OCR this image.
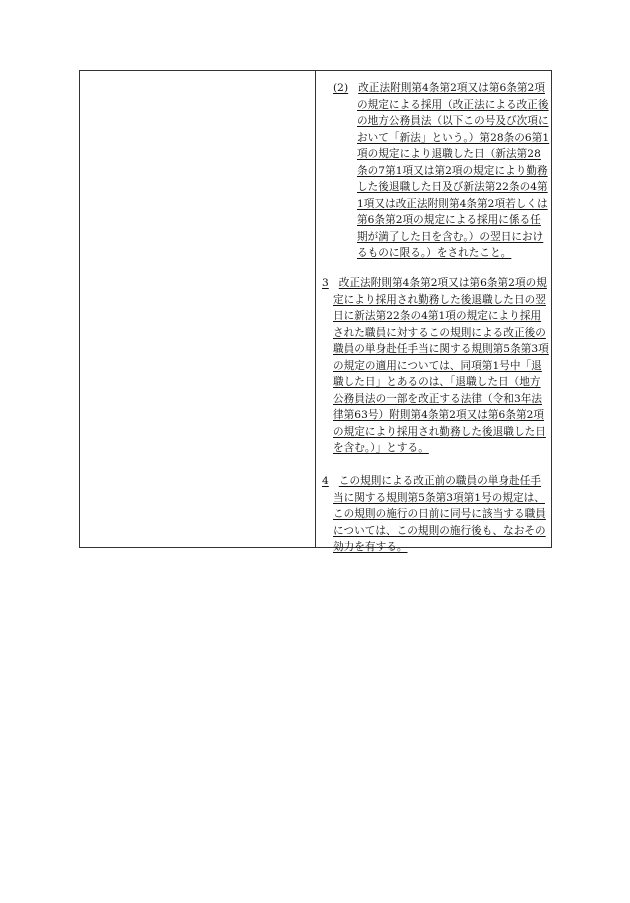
(2) 改正法附則第4条第2項又は第6条第2項の規定による採用（改正法による改正後の地方公務員法（以下この号及び次項において「新法」という。）第28条の6第1項の規定により退職した日（新法第28条の7第1項又は第2項の規定により勤務した後退職した日及び新法第22条の4第1項又は改正法附則第4条第2項若しくは第6条第2項の規定による採用に係る任期が満了した日を含む。）の翌日におけるものに限る。）をされたこと。
3 改正法附則第4条第2項又は第6条第2項の規定により採用され勤務した後退職した日の翌日に新法第22条の4第1項の規定により採用された職員に対するこの規則による改正後の職員の単身赴任手当に関する規則第5条第3項の規定の適用については、同項第1号中「退職した日」とあるのは、「退職した日（地方公務員法の一部を改正する法律（令和3年法律第63号）附則第4条第2項又は第6条第2項の規定により採用され勤務した後退職した日を含む。）」とする。
4 この規則による改正前の職員の単身赴任手当に関する規則第5条第3項第1号の規定は、この規則の施行の日前に同号に該当する職員については、この規則の施行後も、なおその効力を有する。
